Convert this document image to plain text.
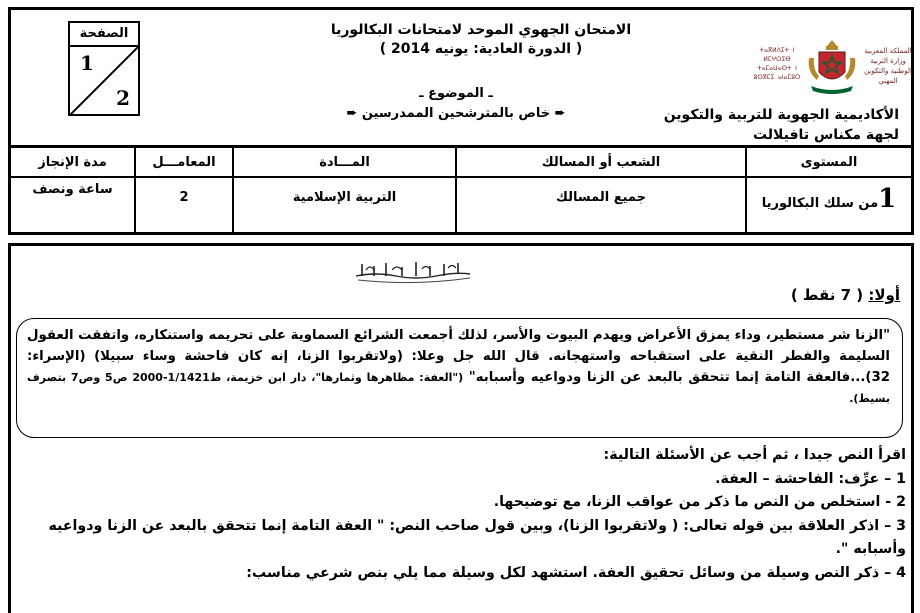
الصفحة
1
2
الامتحان الجهوي الموحد لامتحانات البكالوريا
( الدورة العادية: يونيه 2014 )
ـ الموضوع ـ
➨ خاص بالمترشحين الممدرسين ➨
ⵜⴰⴳⵍⴷⵉⵜ ⵏ ⵍⵎⵖⵔⵉⴱ ⵜⴰⵎⴰⵡⴰⵙⵜ ⵏ ⵓⵙⴳⵎⵉ ⴰⵏⴰⵎⵓⵔ
المملكة المغربية وزارة التربية الوطنية والتكوين المهني
الأكاديمية الجهوية للتربية والتكوين
لجهة مكناس تافيلالت
مدة الإنجاز
ساعة ونصف
المعامـــل
2
المـــادة
التربية الإسلامية
الشعب أو المسالك
جميع المسالك
المستوى
1
من سلك البكالوريا
أولا: ( 7 نقط )
"الزنا شر مستطير، وداء يمزق الأعراض ويهدم البيوت والأسر، لذلك أجمعت الشرائع السماوية على تحريمه واستنكاره، واتفقت العقول السليمة والفطر النقية على استقباحه واستهجانه. قال الله جل وعلا: (ولاتقربوا الزنا، إنه كان فاحشة وساء سبيلا) (الإسراء: 32)...فالعفة التامة إنما تتحقق بالبعد عن الزنا ودواعيه وأسبابه" ("العفة: مظاهرها وثمارها"، دار ابن خزيمة، ط1/1421-2000 ص5 وص7 بتصرف بسيط).
اقرأ النص جيدا ، ثم أجب عن الأسئلة التالية:
1 – عرِّف: الفاحشة – العفة.
2 - استخلص من النص ما ذكر من عواقب الزنا، مع توضيحها.
3 – اذكر العلاقة بين قوله تعالى: ( ولاتقربوا الزنا)، وبين قول صاحب النص: " العفة التامة إنما تتحقق بالبعد عن الزنا ودواعيه وأسبابه ".
4 – ذكر النص وسيلة من وسائل تحقيق العفة. استشهد لكل وسيلة مما يلي بنص شرعي مناسب:
